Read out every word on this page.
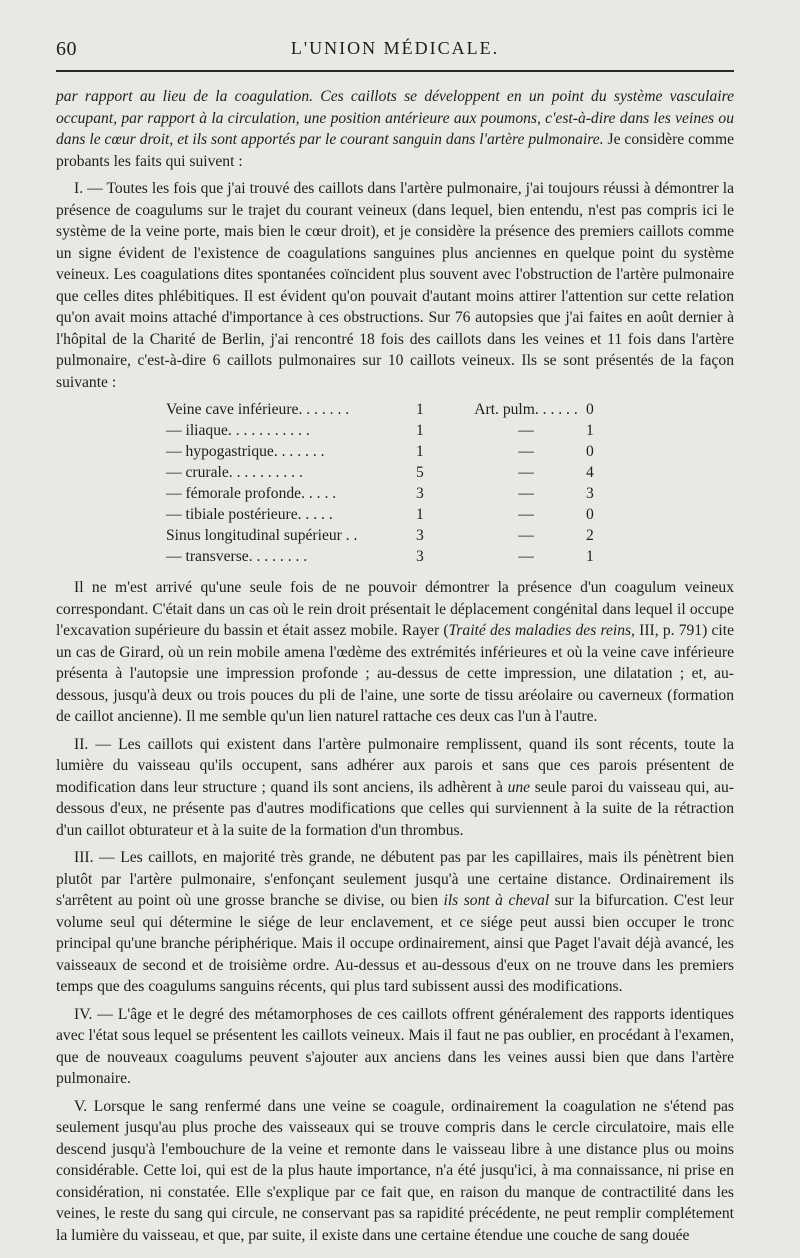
60	L'UNION MÉDICALE.

par rapport au lieu de la coagulation. Ces caillots se développent en un point du système vasculaire occupant, par rapport à la circulation, une position antérieure aux poumons, c'est-à-dire dans les veines ou dans le cœur droit, et ils sont apportés par le courant sanguin dans l'artère pulmonaire. Je considère comme probants les faits qui suivent :

I. — Toutes les fois que j'ai trouvé des caillots dans l'artère pulmonaire, j'ai toujours réussi à démontrer la présence de coagulums sur le trajet du courant veineux (dans lequel, bien entendu, n'est pas compris ici le système de la veine porte, mais bien le cœur droit), et je considère la présence des premiers caillots comme un signe évident de l'existence de coagulations sanguines plus anciennes en quelque point du système veineux. Les coagulations dites spontanées coïncident plus souvent avec l'obstruction de l'artère pulmonaire que celles dites phlébitiques. Il est évident qu'on pouvait d'autant moins attirer l'attention sur cette relation qu'on avait moins attaché d'importance à ces obstructions. Sur 76 autopsies que j'ai faites en août dernier à l'hôpital de la Charité de Berlin, j'ai rencontré 18 fois des caillots dans les veines et 11 fois dans l'artère pulmonaire, c'est-à-dire 6 caillots pulmonaires sur 10 caillots veineux. Ils se sont présentés de la façon suivante :

Veine cave inférieure. . . . . . .	1	Art. pulm. . . . . .	0
— iliaque. . . . . . . . . . .	1	—	1
— hypogastrique. . . . . . .	1	—	0
— crurale. . . . . . . . . .	5	—	4
— fémorale profonde. . . . .	3	—	3
— tibiale postérieure. . . . .	1	—	0
Sinus longitudinal supérieur . .	3	—	2
— transverse. . . . . . . .	3	—	1

Il ne m'est arrivé qu'une seule fois de ne pouvoir démontrer la présence d'un coagulum veineux correspondant. C'était dans un cas où le rein droit présentait le déplacement congénital dans lequel il occupe l'excavation supérieure du bassin et était assez mobile. Rayer (Traité des maladies des reins, III, p. 791) cite un cas de Girard, où un rein mobile amena l'œdème des extrémités inférieures et où la veine cave inférieure présenta à l'autopsie une impression profonde ; au-dessus de cette impression, une dilatation ; et, au-dessous, jusqu'à deux ou trois pouces du pli de l'aine, une sorte de tissu aréolaire ou caverneux (formation de caillot ancienne). Il me semble qu'un lien naturel rattache ces deux cas l'un à l'autre.

II. — Les caillots qui existent dans l'artère pulmonaire remplissent, quand ils sont récents, toute la lumière du vaisseau qu'ils occupent, sans adhérer aux parois et sans que ces parois présentent de modification dans leur structure ; quand ils sont anciens, ils adhèrent à une seule paroi du vaisseau qui, au-dessous d'eux, ne présente pas d'autres modifications que celles qui surviennent à la suite de la rétraction d'un caillot obturateur et à la suite de la formation d'un thrombus.

III. — Les caillots, en majorité très grande, ne débutent pas par les capillaires, mais ils pénètrent bien plutôt par l'artère pulmonaire, s'enfonçant seulement jusqu'à une certaine distance. Ordinairement ils s'arrêtent au point où une grosse branche se divise, ou bien ils sont à cheval sur la bifurcation. C'est leur volume seul qui détermine le siége de leur enclavement, et ce siége peut aussi bien occuper le tronc principal qu'une branche périphérique. Mais il occupe ordinairement, ainsi que Paget l'avait déjà avancé, les vaisseaux de second et de troisième ordre. Au-dessus et au-dessous d'eux on ne trouve dans les premiers temps que des coagulums sanguins récents, qui plus tard subissent aussi des modifications.

IV. — L'âge et le degré des métamorphoses de ces caillots offrent généralement des rapports identiques avec l'état sous lequel se présentent les caillots veineux. Mais il faut ne pas oublier, en procédant à l'examen, que de nouveaux coagulums peuvent s'ajouter aux anciens dans les veines aussi bien que dans l'artère pulmonaire.

V. Lorsque le sang renfermé dans une veine se coagule, ordinairement la coagulation ne s'étend pas seulement jusqu'au plus proche des vaisseaux qui se trouve compris dans le cercle circulatoire, mais elle descend jusqu'à l'embouchure de la veine et remonte dans le vaisseau libre à une distance plus ou moins considérable. Cette loi, qui est de la plus haute importance, n'a été jusqu'ici, à ma connaissance, ni prise en considération, ni constatée. Elle s'explique par ce fait que, en raison du manque de contractilité dans les veines, le reste du sang qui circule, ne conservant pas sa rapidité précédente, ne peut remplir complétement la lumière du vaisseau, et que, par suite, il existe dans une certaine étendue une couche de sang douée
